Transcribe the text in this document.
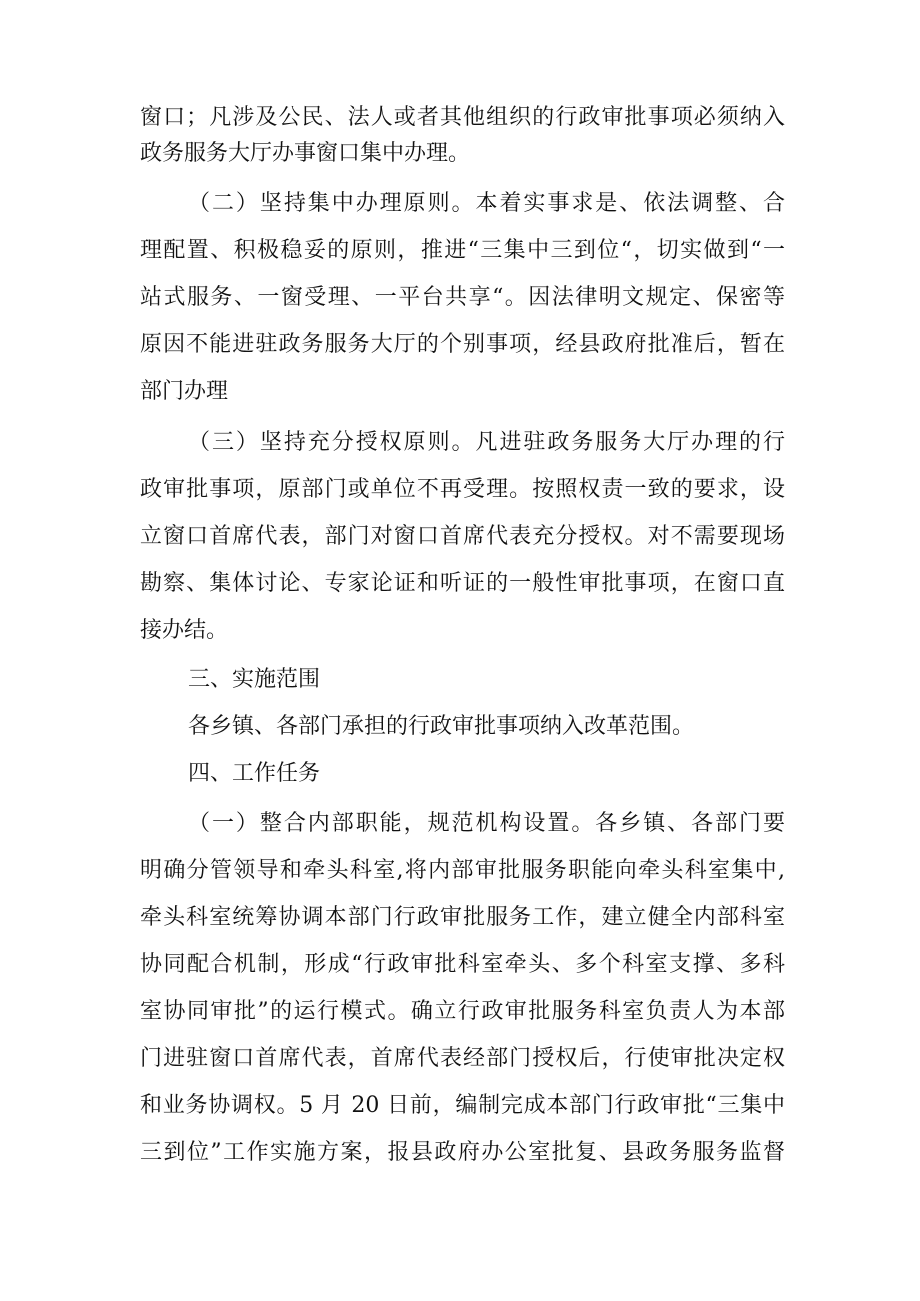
窗口；凡涉及公民、法人或者其他组织的行政审批事项必须纳入
政务服务大厅办事窗口集中办理。
（二）坚持集中办理原则。本着实事求是、依法调整、合
理配置、积极稳妥的原则，推进“三集中三到位“，切实做到“一
站式服务、一窗受理、一平台共享“。因法律明文规定、保密等
原因不能进驻政务服务大厅的个别事项，经县政府批准后，暂在
部门办理
（三）坚持充分授权原则。凡进驻政务服务大厅办理的行
政审批事项，原部门或单位不再受理。按照权责一致的要求，设
立窗口首席代表，部门对窗口首席代表充分授权。对不需要现场
勘察、集体讨论、专家论证和听证的一般性审批事项，在窗口直
接办结。
三、实施范围
各乡镇、各部门承担的行政审批事项纳入改革范围。
四、工作任务
（一）整合内部职能，规范机构设置。各乡镇、各部门要
明确分管领导和牵头科室,将内部审批服务职能向牵头科室集中,
牵头科室统筹协调本部门行政审批服务工作，建立健全内部科室
协同配合机制，形成“行政审批科室牵头、多个科室支撑、多科
室协同审批”的运行模式。确立行政审批服务科室负责人为本部
门进驻窗口首席代表，首席代表经部门授权后，行使审批决定权
和业务协调权。5 月 20 日前，编制完成本部门行政审批“三集中
三到位”工作实施方案，报县政府办公室批复、县政务服务监督
